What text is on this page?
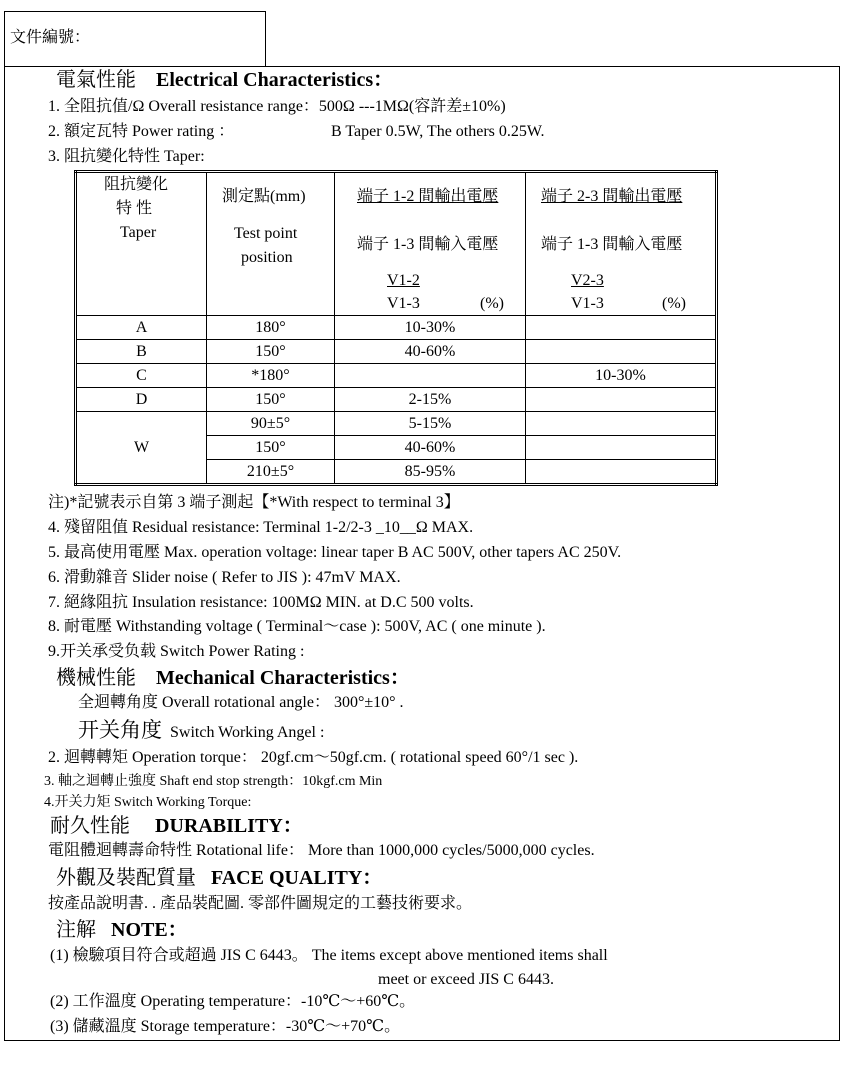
文件編號：
電氣性能 Electrical Characteristics：
1. 全阻抗值/Ω Overall resistance range：500Ω ---1MΩ(容許差±10%)
2. 額定瓦特 Power rating ：	B Taper 0.5W, The others 0.25W.
3. 阻抗變化特性 Taper:
阻抗變化
特 性
Taper	測定點(mm)
Test point
position	端子 1-2 間輸出電壓
端子 1-3 間輸入電壓
V1-2
V1-3 (%)	端子 2-3 間輸出電壓
端子 1-3 間輸入電壓
V2-3
V1-3 (%)

A	180°	10-30%	
B	150°	40-60%	
C	*180°		10-30%
D	150°	2-15%	
W	90±5°	5-15%	
	150°	40-60%	
	210±5°	85-95%	
注)*記號表示自第 3 端子測起【*With respect to terminal 3】
4. 殘留阻值 Residual resistance: Terminal 1-2/2-3 _10__Ω MAX.
5. 最高使用電壓 Max. operation voltage: linear taper B AC 500V, other tapers AC 250V.
6. 滑動雜音 Slider noise ( Refer to JIS ): 47mV MAX.
7. 絕緣阻抗 Insulation resistance: 100MΩ MIN. at D.C 500 volts.
8. 耐電壓 Withstanding voltage ( Terminal～case ): 500V, AC ( one minute ).
9.开关承受负载 Switch Power Rating :
機械性能 Mechanical Characteristics：
全迴轉角度 Overall rotational angle： 300°±10° .
开关角度 Switch Working Angel :
2. 迴轉轉矩 Operation torque： 20gf.cm～50gf.cm. ( rotational speed 60°/1 sec ).
3. 軸之迴轉止強度 Shaft end stop strength：10kgf.cm Min
4.开关力矩 Switch Working Torque:
耐久性能 DURABILITY：
電阻體迴轉壽命特性 Rotational life： More than 1000,000 cycles/5000,000 cycles.
外觀及裝配質量 FACE QUALITY：
按產品說明書. . 產品裝配圖. 零部件圖規定的工藝技術要求。
注解 NOTE：
(1) 檢驗項目符合或超過 JIS C 6443。 The items except above mentioned items shall
meet or exceed JIS C 6443.
(2) 工作溫度 Operating temperature：-10℃～+60℃。
(3) 儲藏溫度 Storage temperature：-30℃～+70℃。
